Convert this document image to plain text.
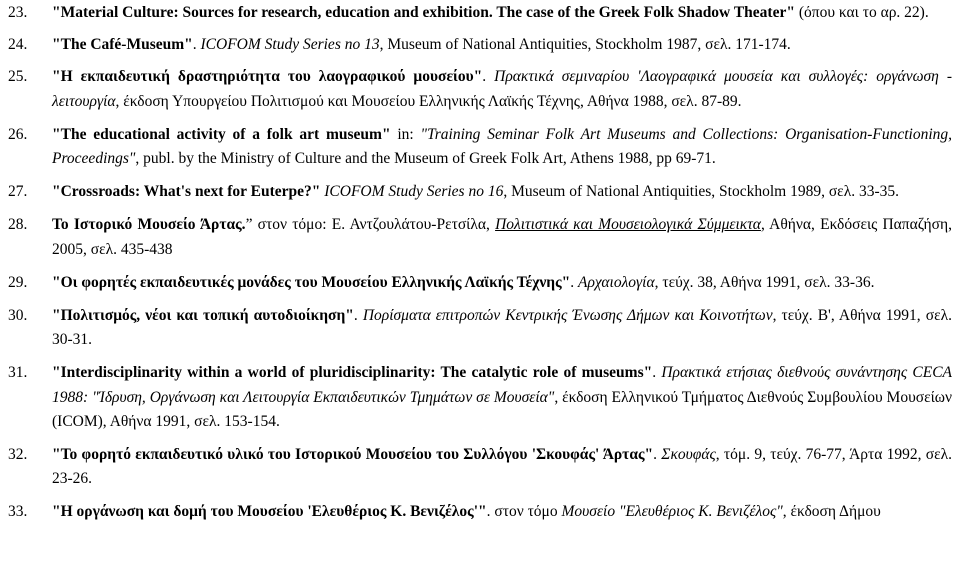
23. "Material Culture: Sources for research, education and exhibition. The case of the Greek Folk Shadow Theater" (όπου και το αρ. 22).
24. "The Café-Museum". ICOFOM Study Series no 13, Museum of National Antiquities, Stockholm 1987, σελ. 171-174.
25. "Η εκπαιδευτική δραστηριότητα του λαογραφικού μουσείου". Πρακτικά σεμιναρίου 'Λαογραφικά μουσεία και συλλογές: οργάνωση - λειτουργία, έκδοση Υπουργείου Πολιτισμού και Μουσείου Ελληνικής Λαϊκής Τέχνης, Αθήνα 1988, σελ. 87-89.
26. "The educational activity of a folk art museum" in: "Training Seminar Folk Art Museums and Collections: Organisation-Functioning, Proceedings", publ. by the Ministry of Culture and the Museum of Greek Folk Art, Athens 1988, pp 69-71.
27. "Crossroads: What's next for Euterpe?" ICOFOM Study Series no 16, Museum of National Antiquities, Stockholm 1989, σελ. 33-35.
28. Το Ιστορικό Μουσείο Άρτας.” στον τόμο: Ε. Αντζουλάτου-Ρετσίλα, Πολιτιστικά και Μουσειολογικά Σύμμεικτα, Αθήνα, Εκδόσεις Παπαζήση, 2005, σελ. 435-438
29. "Οι φορητές εκπαιδευτικές μονάδες του Μουσείου Ελληνικής Λαϊκής Τέχνης". Αρχαιολογία, τεύχ. 38, Αθήνα 1991, σελ. 33-36.
30. "Πολιτισμός, νέοι και τοπική αυτοδιοίκηση". Πορίσματα επιτροπών Κεντρικής Ένωσης Δήμων και Κοινοτήτων, τεύχ. Β', Αθήνα 1991, σελ. 30-31.
31. "Interdisciplinarity within a world of pluridisciplinarity: The catalytic role of museums". Πρακτικά ετήσιας διεθνούς συνάντησης CECA 1988: "Ίδρυση, Οργάνωση και Λειτουργία Εκπαιδευτικών Τμημάτων σε Μουσεία", έκδοση Ελληνικού Τμήματος Διεθνούς Συμβουλίου Μουσείων (ICOM), Αθήνα 1991, σελ. 153-154.
32. "Το φορητό εκπαιδευτικό υλικό του Ιστορικού Μουσείου του Συλλόγου 'Σκουφάς' Άρτας". Σκουφάς, τόμ. 9, τεύχ. 76-77, Άρτα 1992, σελ. 23-26.
33. "Η οργάνωση και δομή του Μουσείου 'Ελευθέριος Κ. Βενιζέλος'". στον τόμο Μουσείο "Ελευθέριος Κ. Βενιζέλος", έκδοση Δήμου
